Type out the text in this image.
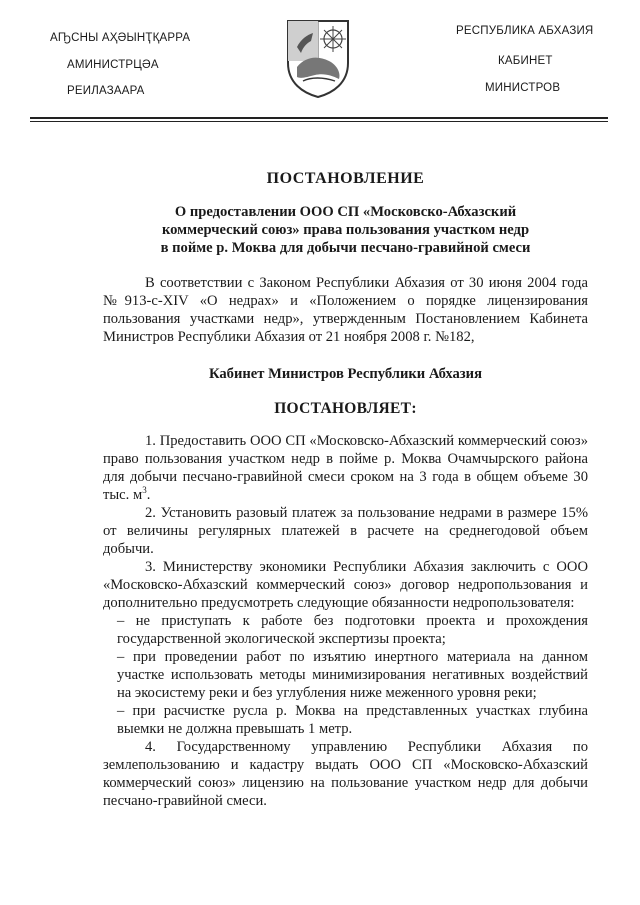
АҦСНЫ АҲӘЫНҬҚАРРА
АМИНИСТРЦӘА
РЕИЛАЗААРА
РЕСПУБЛИКА АБХАЗИЯ
КАБИНЕТ
МИНИСТРОВ
ПОСТАНОВЛЕНИЕ
О предоставлении ООО СП «Московско-Абхазский
коммерческий союз» права пользования участком недр
в пойме р. Моква для добычи песчано-гравийной смеси

В соответствии с Законом Республики Абхазия от 30 июня 2004 года №913-с-XIV «О недрах» и «Положением о порядке лицензирования пользования участками недр», утвержденным Постановлением Кабинета Министров Республики Абхазия от 21 ноября 2008 г. №182,

Кабинет Министров Республики Абхазия
ПОСТАНОВЛЯЕТ:

1. Предоставить ООО СП «Московско-Абхазский коммерческий союз» право пользования участком недр в пойме р. Моква Очамчырского района для добычи песчано-гравийной смеси сроком на 3 года в общем объеме 30 тыс. $м^3$.

2. Установить разовый платеж за пользование недрами в размере 15% от величины регулярных платежей в расчете на среднегодовой объем добычи.

3. Министерству экономики Республики Абхазия заключить с ООО «Московско-Абхазский коммерческий союз» договор недропользования и дополнительно предусмотреть следующие обязанности недропользователя:

– не приступать к работе без подготовки проекта и прохождения государственной экологической экспертизы проекта;
– при проведении работ по изъятию инертного материала на данном участке использовать методы минимизирования негативных воздействий на экосистему реки и без углубления ниже меженного уровня реки;
– при расчистке русла р. Моква на представленных участках глубина выемки не должна превышать 1 метр.

4. Государственному управлению Республики Абхазия по землепользованию и кадастру выдать ООО СП «Московско-Абхазский коммерческий союз» лицензию на пользование участком недр для добычи песчано-гравийной смеси.
